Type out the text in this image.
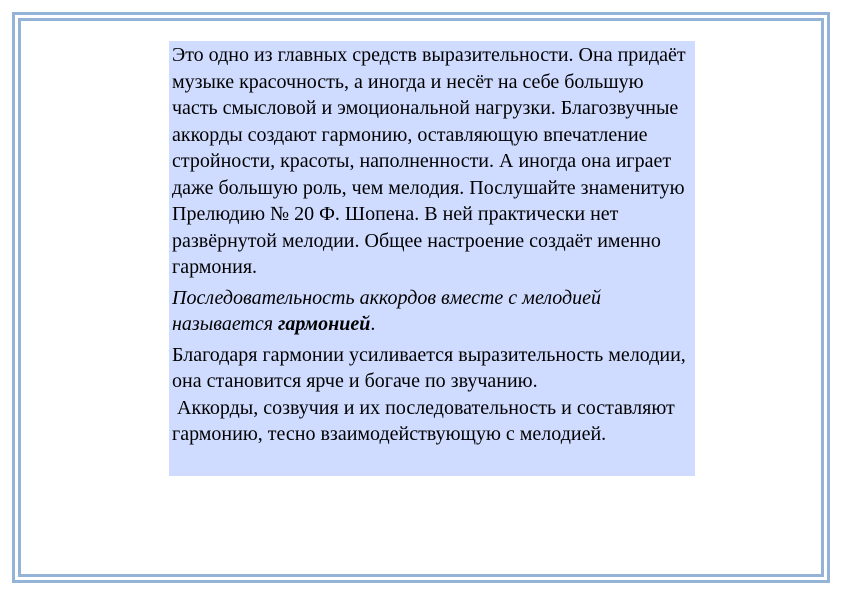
Это одно из главных средств выразительности. Она придаёт музыке красочность, а иногда и несёт на себе большую часть смысловой и эмоциональной нагрузки. Благозвучные аккорды создают гармонию, оставляющую впечатление стройности, красоты, наполненности. А иногда она играет даже большую роль, чем мелодия. Послушайте знаменитую Прелюдию № 20 Ф. Шопена. В ней практически нет развёрнутой мелодии. Общее настроение создаёт именно гармония.

Последовательность аккордов вместе с мелодией называется гармонией.

Благодаря гармонии усиливается выразительность мелодии, она становится ярче и богаче по звучанию.
Аккорды, созвучия и их последовательность и составляют гармонию, тесно взаимодействующую с мелодией.
